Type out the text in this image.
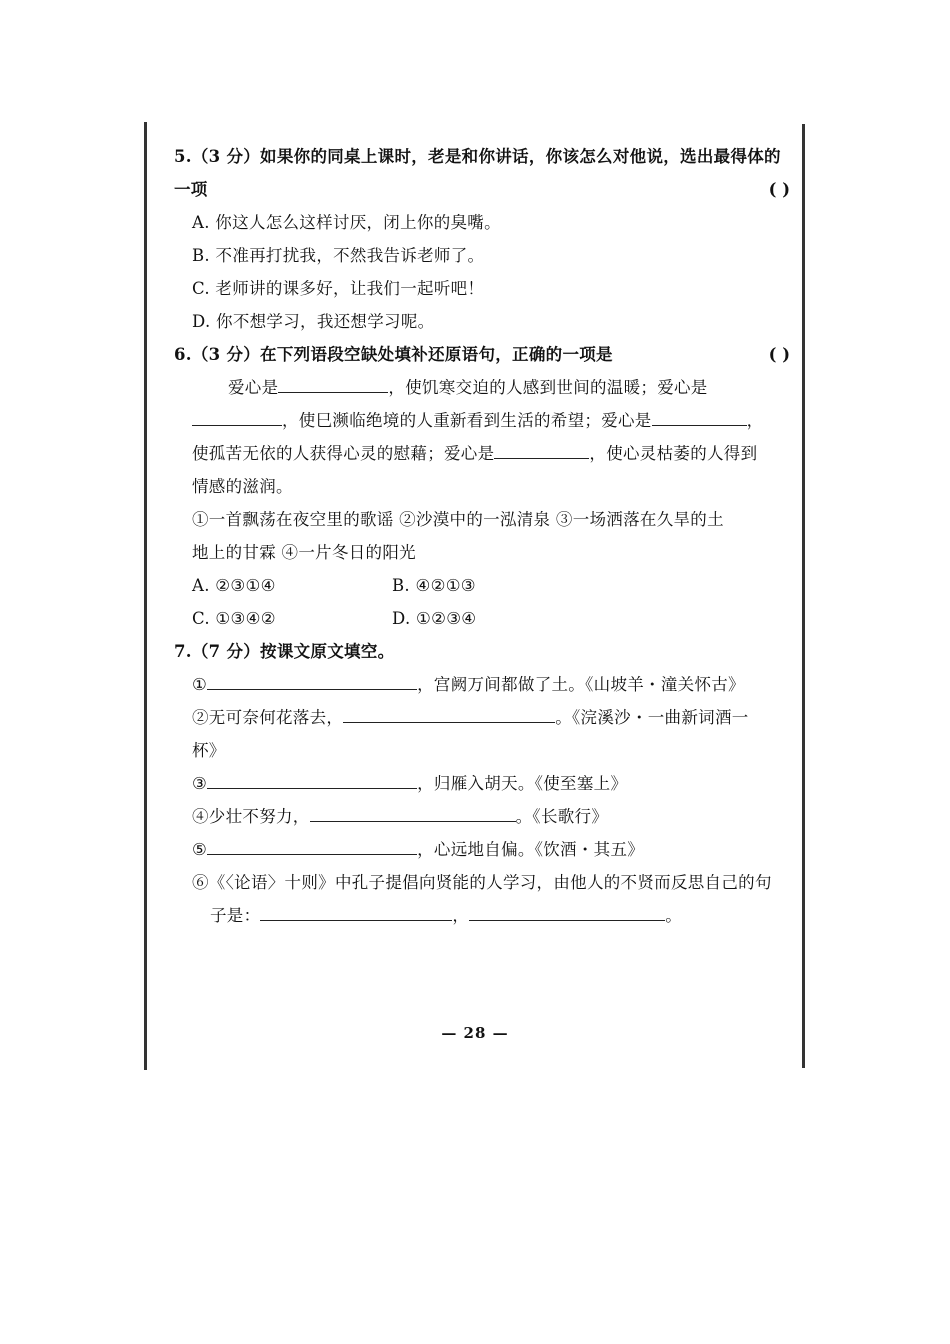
5.（3 分）如果你的同桌上课时，老是和你讲话，你该怎么对他说，选出最得体的
一项	( )
A. 你这人怎么这样讨厌，闭上你的臭嘴。
B. 不准再打扰我，不然我告诉老师了。
C. 老师讲的课多好，让我们一起听吧！
D. 你不想学习，我还想学习呢。
6.（3 分）在下列语段空缺处填补还原语句，正确的一项是	( )
爱心是	，使饥寒交迫的人感到世间的温暖；爱心是
，使巳濒临绝境的人重新看到生活的希望；爱心是	，
使孤苦无依的人获得心灵的慰藉；爱心是	，使心灵枯萎的人得到
情感的滋润。
①一首飘荡在夜空里的歌谣 ②沙漠中的一泓清泉 ③一场洒落在久旱的土
地上的甘霖 ④一片冬日的阳光
A. ②③①④	B. ④②①③
C. ①③④②	D. ①②③④
7.（7 分）按课文原文填空。
①	，宫阙万间都做了土。《山坡羊・潼关怀古》
②无可奈何花落去，	。《浣溪沙・一曲新词酒一
杯》
③	，归雁入胡天。《使至塞上》
④少壮不努力，	。《长歌行》
⑤	，心远地自偏。《饮酒・其五》
⑥《〈论语〉十则》中孔子提倡向贤能的人学习，由他人的不贤而反思自己的句
子是：	，	。
— 28 —
